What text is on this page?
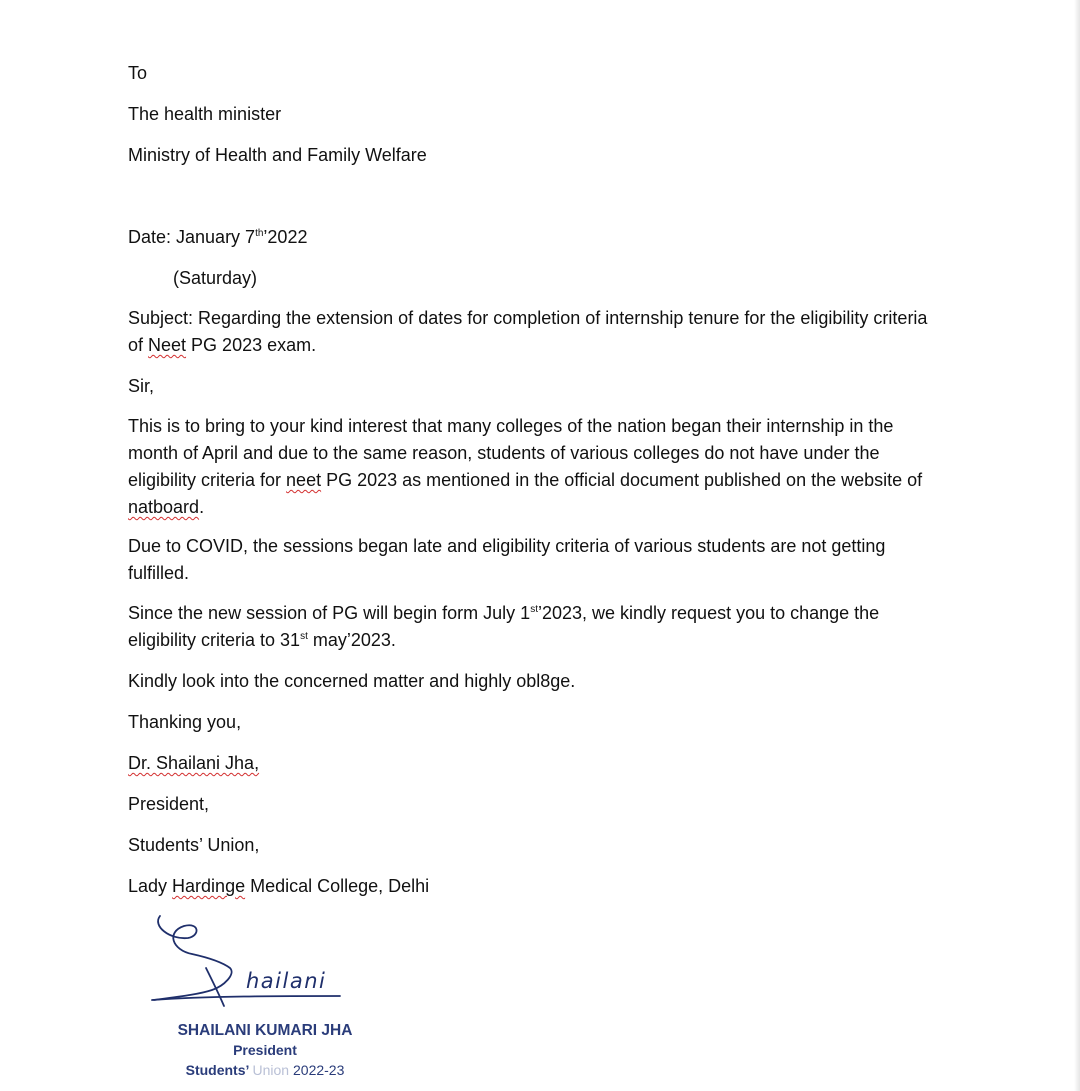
To
The health minister
Ministry of Health and Family Welfare
Date: January 7th’2022
(Saturday)
Subject: Regarding the extension of dates for completion of internship tenure for the eligibility criteria of Neet PG 2023 exam.
Sir,
This is to bring to your kind interest that many colleges of the nation began their internship in the month of April and due to the same reason, students of various colleges do not have under the eligibility criteria for neet PG 2023 as mentioned in the official document published on the website of natboard.
Due to COVID, the sessions began late and eligibility criteria of various students are not getting fulfilled.
Since the new session of PG will begin form July 1st’2023, we kindly request you to change the eligibility criteria to 31st may’2023.
Kindly look into the concerned matter and highly obl8ge.
Thanking you,
Dr. Shailani Jha,
President,
Students’ Union,
Lady Hardinge Medical College, Delhi
hailani
SHAILANI KUMARI JHA
President
Students’ Union 2022-23
